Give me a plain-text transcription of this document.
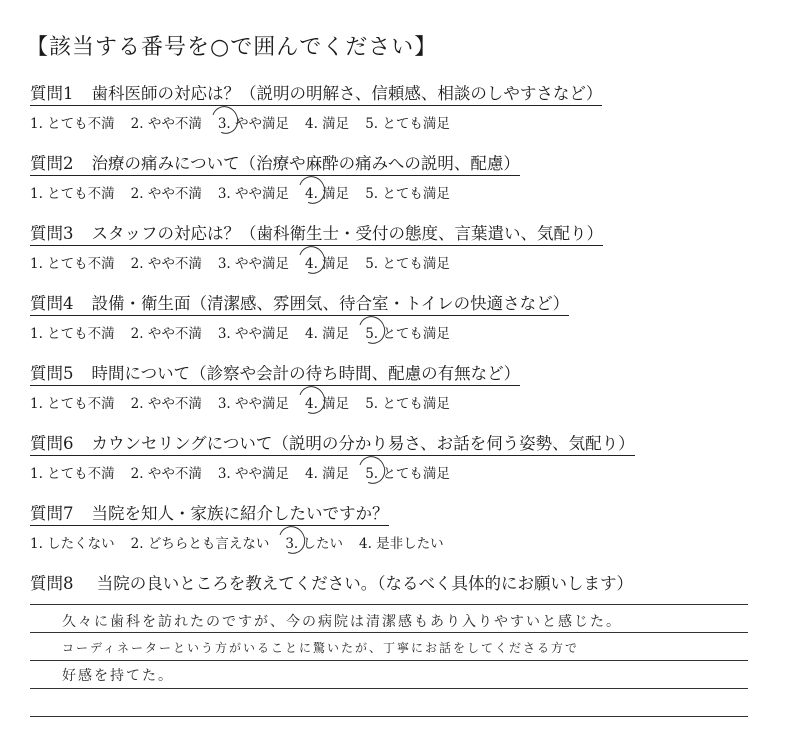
【該当する番号を○で囲んでください】
質問1 歯科医師の対応は？（説明の明解さ、信頼感、相談のしやすさなど）
1. とても不満 2. やや不満 3. やや満足 4. 満足 5. とても満足
質問2 治療の痛みについて（治療や麻酔の痛みへの説明、配慮）
1. とても不満 2. やや不満 3. やや満足 4. 満足 5. とても満足
質問3 スタッフの対応は？（歯科衛生士・受付の態度、言葉遣い、気配り）
1. とても不満 2. やや不満 3. やや満足 4. 満足 5. とても満足
質問4 設備・衛生面（清潔感、雰囲気、待合室・トイレの快適さなど）
1. とても不満 2. やや不満 3. やや満足 4. 満足 5. とても満足
質問5 時間について（診察や会計の待ち時間、配慮の有無など）
1. とても不満 2. やや不満 3. やや満足 4. 満足 5. とても満足
質問6 カウンセリングについて（説明の分かり易さ、お話を伺う姿勢、気配り）
1. とても不満 2. やや不満 3. やや満足 4. 満足 5. とても満足
質問7 当院を知人・家族に紹介したいですか？
1. したくない 2. どちらとも言えない 3. したい 4. 是非したい
質問8 当院の良いところを教えてください。（なるべく具体的にお願いします）
久々に歯科を訪れたのですが、今の病院は清潔感もあり入りやすいと感じた。
コーディネーターという方がいることに驚いたが、丁寧にお話をしてくださる方で
好感を持てた。
